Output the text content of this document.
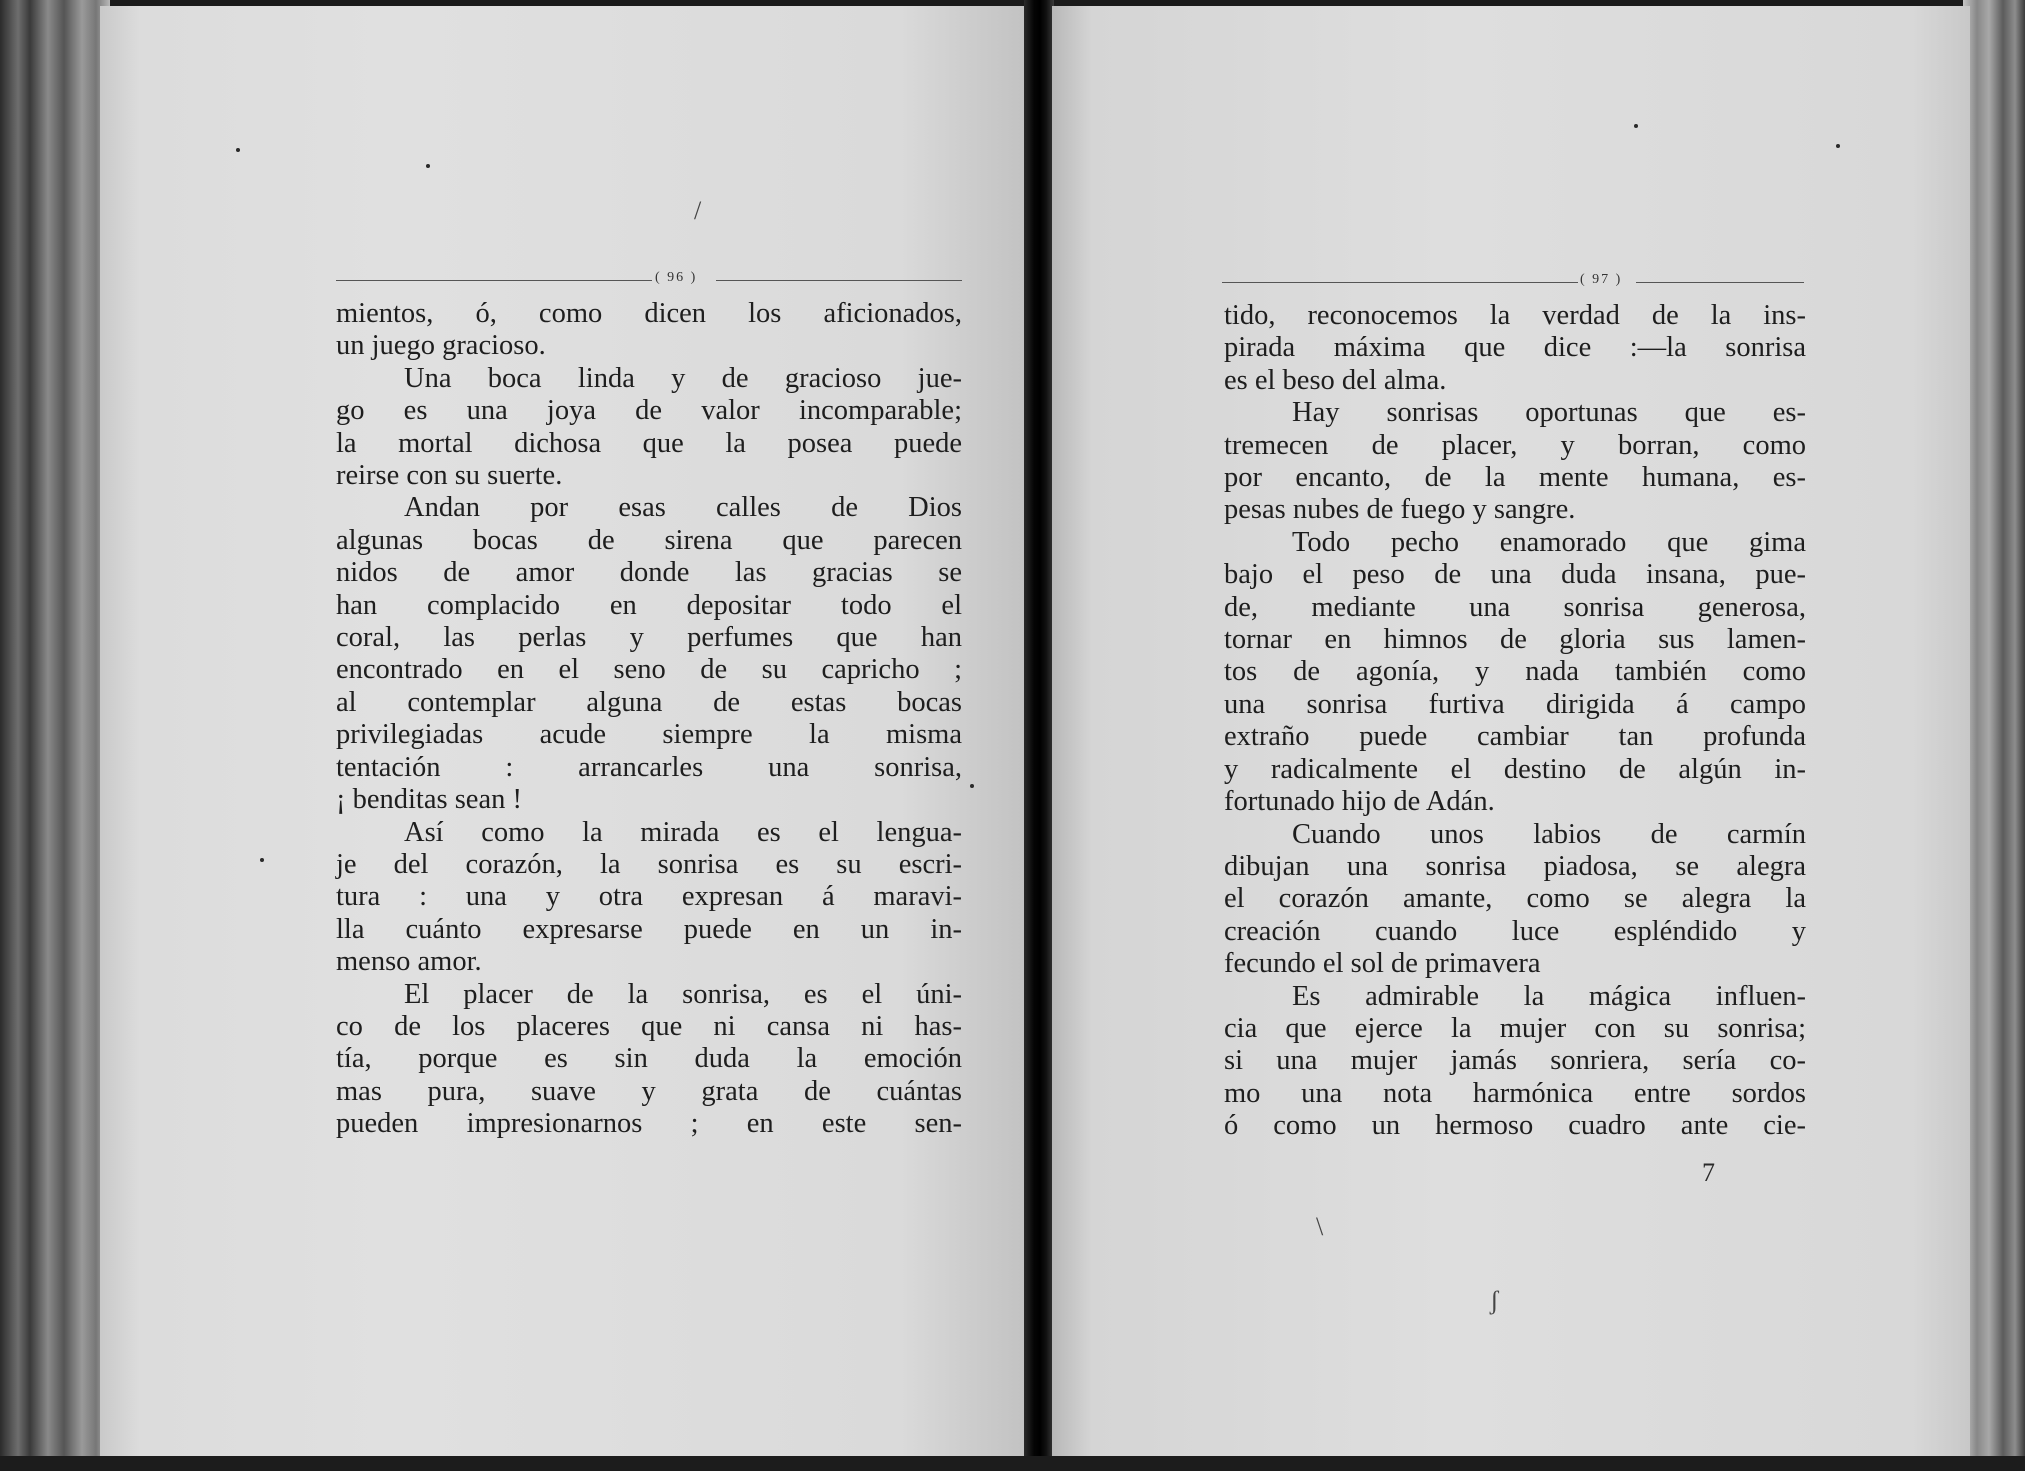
( 96 )
mientos, ó, como dicen los aficionados,
un juego gracioso.
Una boca linda y de gracioso jue-
go es una joya de valor incomparable;
la mortal dichosa que la posea puede
reirse con su suerte.
Andan por esas calles de Dios
algunas bocas de sirena que parecen
nidos de amor donde las gracias se
han complacido en depositar todo el
coral, las perlas y perfumes que han
encontrado en el seno de su capricho ;
al contemplar alguna de estas bocas
privilegiadas acude siempre la misma
tentación : arrancarles una sonrisa,
¡ benditas sean !
Así como la mirada es el lengua-
je del corazón, la sonrisa es su escri-
tura : una y otra expresan á maravi-
lla cuánto expresarse puede en un in-
menso amor.
El placer de la sonrisa, es el úni-
co de los placeres que ni cansa ni has-
tía, porque es sin duda la emoción
mas pura, suave y grata de cuántas
pueden impresionarnos ; en este sen-
/
( 97 )
tido, reconocemos la verdad de la ins-
pirada máxima que dice :—la sonrisa
es el beso del alma.
Hay sonrisas oportunas que es-
tremecen de placer, y borran, como
por encanto, de la mente humana, es-
pesas nubes de fuego y sangre.
Todo pecho enamorado que gima
bajo el peso de una duda insana, pue-
de, mediante una sonrisa generosa,
tornar en himnos de gloria sus lamen-
tos de agonía, y nada también como
una sonrisa furtiva dirigida á campo
extraño puede cambiar tan profunda
y radicalmente el destino de algún in-
fortunado hijo de Adán.
Cuando unos labios de carmín
dibujan una sonrisa piadosa, se alegra
el corazón amante, como se alegra la
creación cuando luce espléndido y
fecundo el sol de primavera
Es admirable la mágica influen-
cia que ejerce la mujer con su sonrisa;
si una mujer jamás sonriera, sería co-
mo una nota harmónica entre sordos
ó como un hermoso cuadro ante cie-
7
\
ʃ
